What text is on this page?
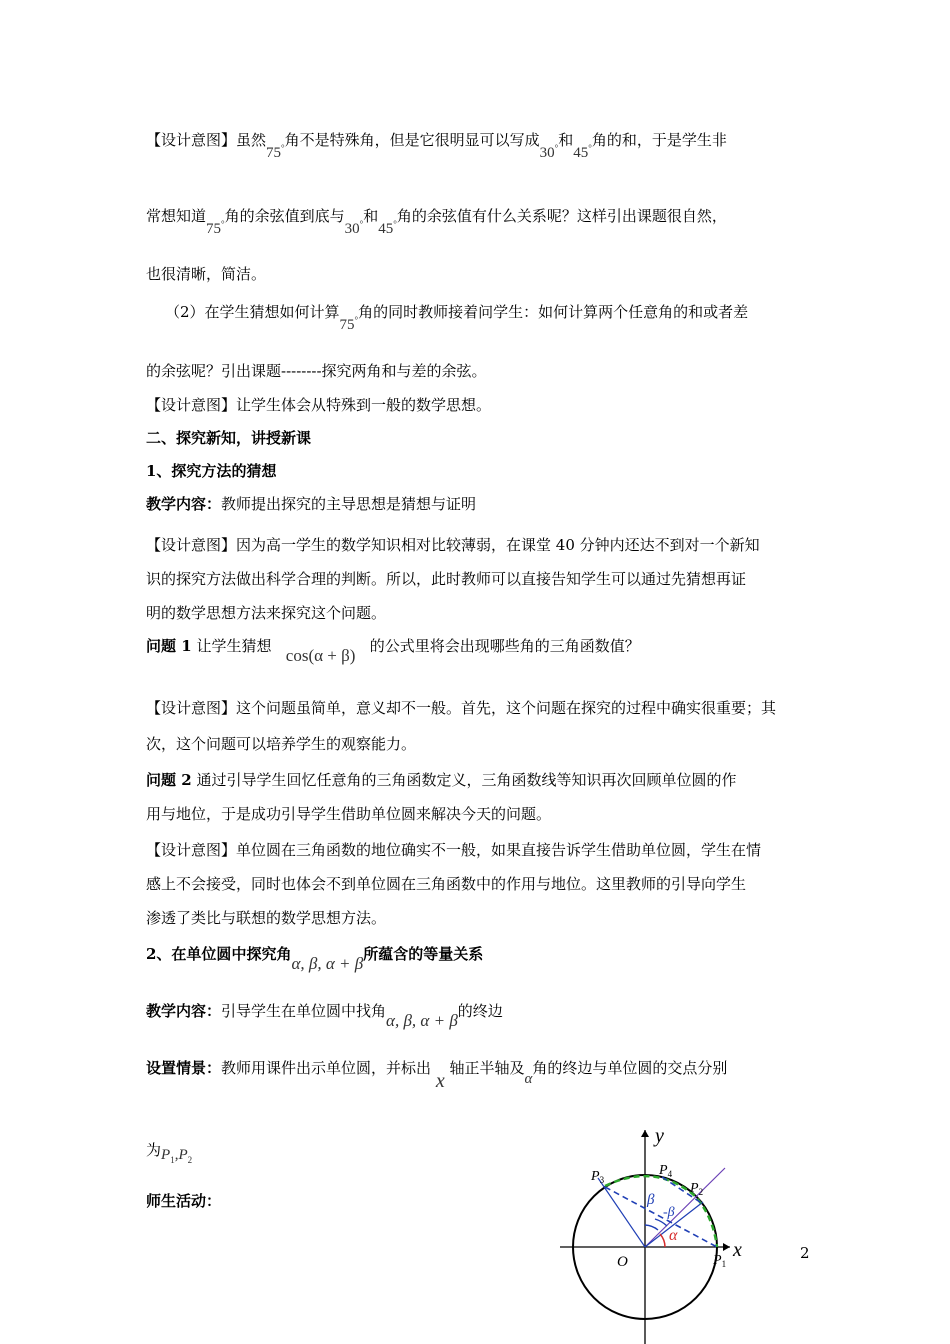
【设计意图】虽然75°角不是特殊角，但是它很明显可以写成30°和45°角的和，于是学生非
常想知道75°角的余弦值到底与30°和45°角的余弦值有什么关系呢？这样引出课题很自然，
也很清晰，简洁。
（2）在学生猜想如何计算75°角的同时教师接着问学生：如何计算两个任意角的和或者差
的余弦呢？引出课题--------探究两角和与差的余弦。
【设计意图】让学生体会从特殊到一般的数学思想。
二、探究新知，讲授新课
1、探究方法的猜想
教学内容：教师提出探究的主导思想是猜想与证明
【设计意图】因为高一学生的数学知识相对比较薄弱，在课堂 40 分钟内还达不到对一个新知
识的探究方法做出科学合理的判断。所以，此时教师可以直接告知学生可以通过先猜想再证
明的数学思想方法来探究这个问题。
问题 1 让学生猜想 cos(α + β) 的公式里将会出现哪些角的三角函数值？
【设计意图】这个问题虽简单，意义却不一般。首先，这个问题在探究的过程中确实很重要；其
次，这个问题可以培养学生的观察能力。
问题 2 通过引导学生回忆任意角的三角函数定义，三角函数线等知识再次回顾单位圆的作
用与地位，于是成功引导学生借助单位圆来解决今天的问题。
【设计意图】单位圆在三角函数的地位确实不一般，如果直接告诉学生借助单位圆，学生在情
感上不会接受，同时也体会不到单位圆在三角函数中的作用与地位。这里教师的引导向学生
渗透了类比与联想的数学思想方法。
2、在单位圆中探究角α, β, α + β所蕴含的等量关系
教学内容：引导学生在单位圆中找角α, β, α + β的终边
设置情景：教师用课件出示单位圆，并标出 x 轴正半轴及α角的终边与单位圆的交点分别
为$P_1,P_2$
师生活动：
y
x
O	$P_1$
$P_2$
$P_3$
$P_4$
α
β
-β
2
